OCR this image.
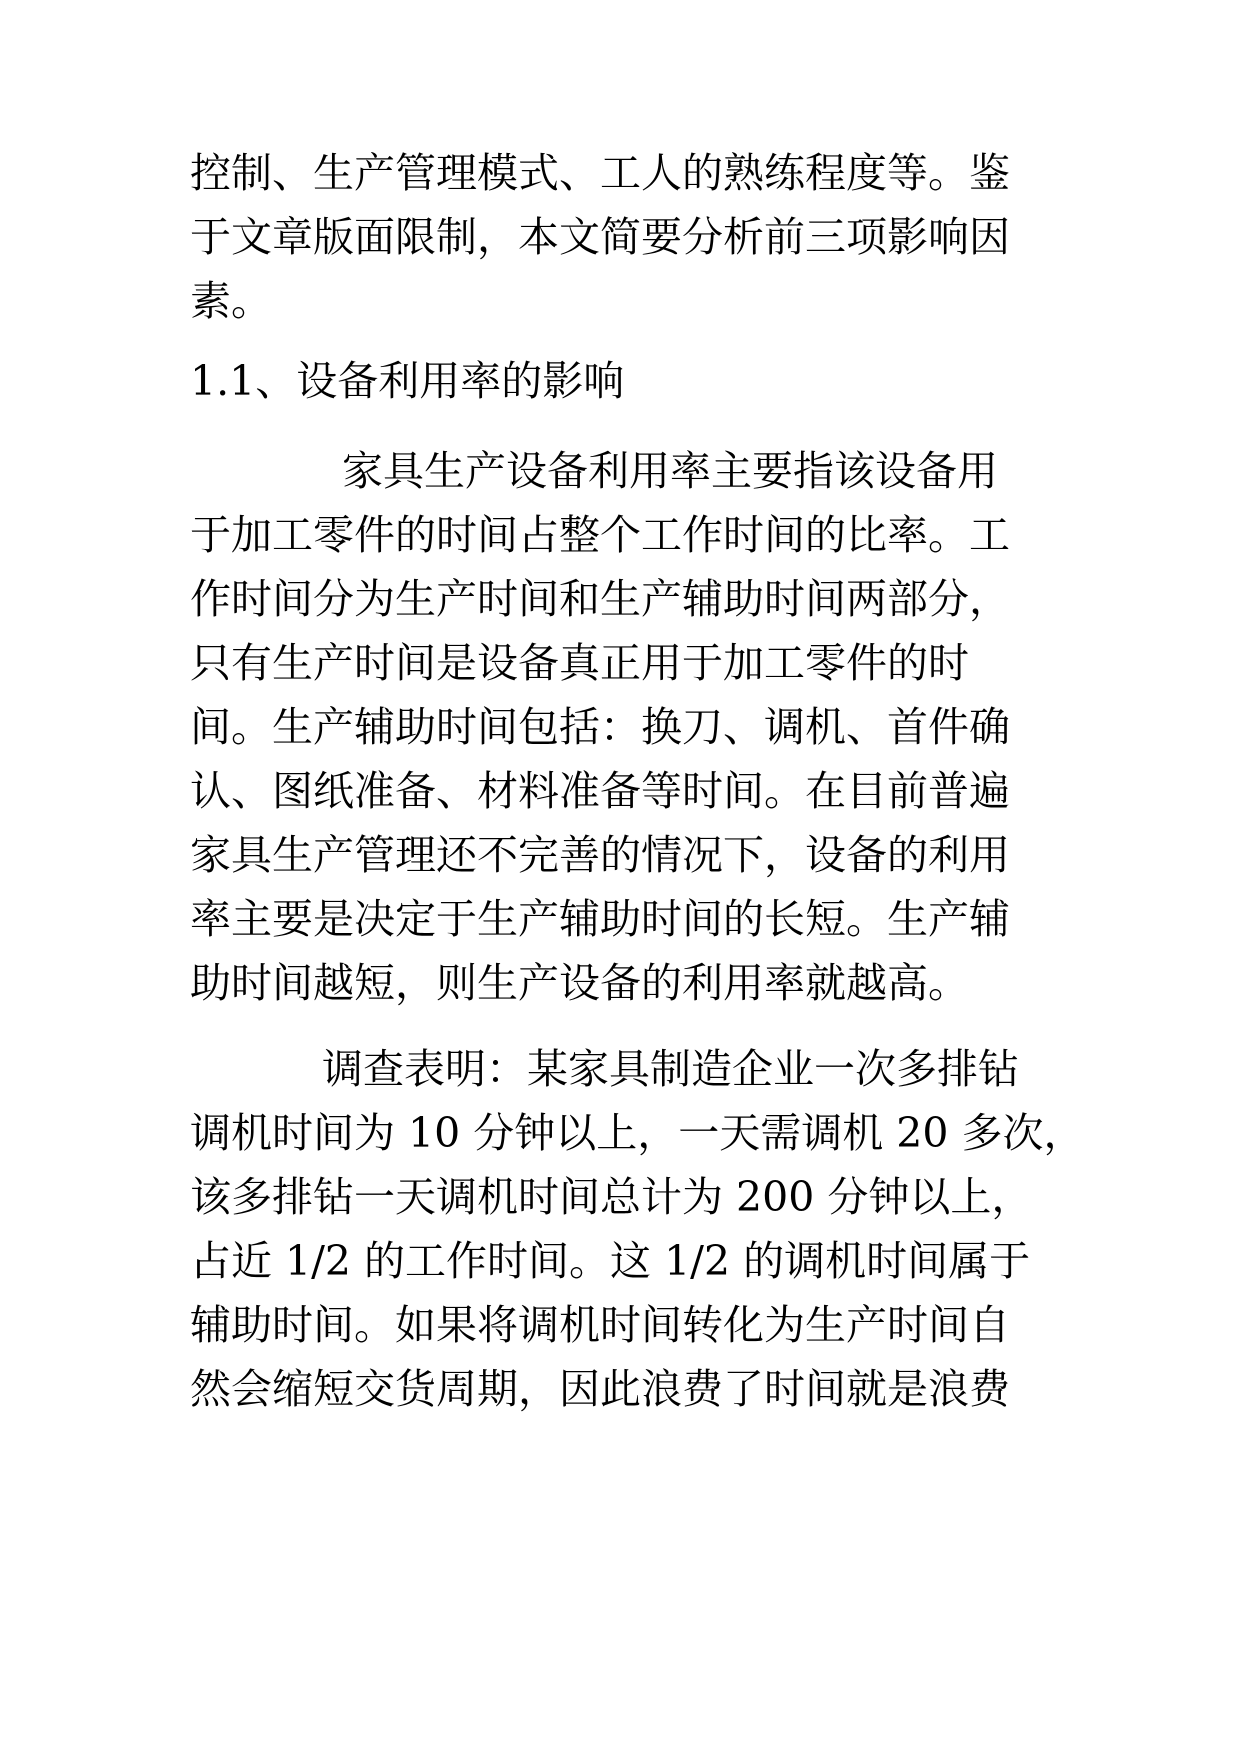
控制、生产管理模式、工人的熟练程度等。鉴
于文章版面限制，本文简要分析前三项影响因
素。
1.1、设备利用率的影响
家具生产设备利用率主要指该设备用
于加工零件的时间占整个工作时间的比率。工
作时间分为生产时间和生产辅助时间两部分，
只有生产时间是设备真正用于加工零件的时
间。生产辅助时间包括：换刀、调机、首件确
认、图纸准备、材料准备等时间。在目前普遍
家具生产管理还不完善的情况下，设备的利用
率主要是决定于生产辅助时间的长短。生产辅
助时间越短，则生产设备的利用率就越高。
调查表明：某家具制造企业一次多排钻
调机时间为 10 分钟以上，一天需调机 20 多次，
该多排钻一天调机时间总计为 200 分钟以上，
占近 1/2 的工作时间。这 1/2 的调机时间属于
辅助时间。如果将调机时间转化为生产时间自
然会缩短交货周期，因此浪费了时间就是浪费
